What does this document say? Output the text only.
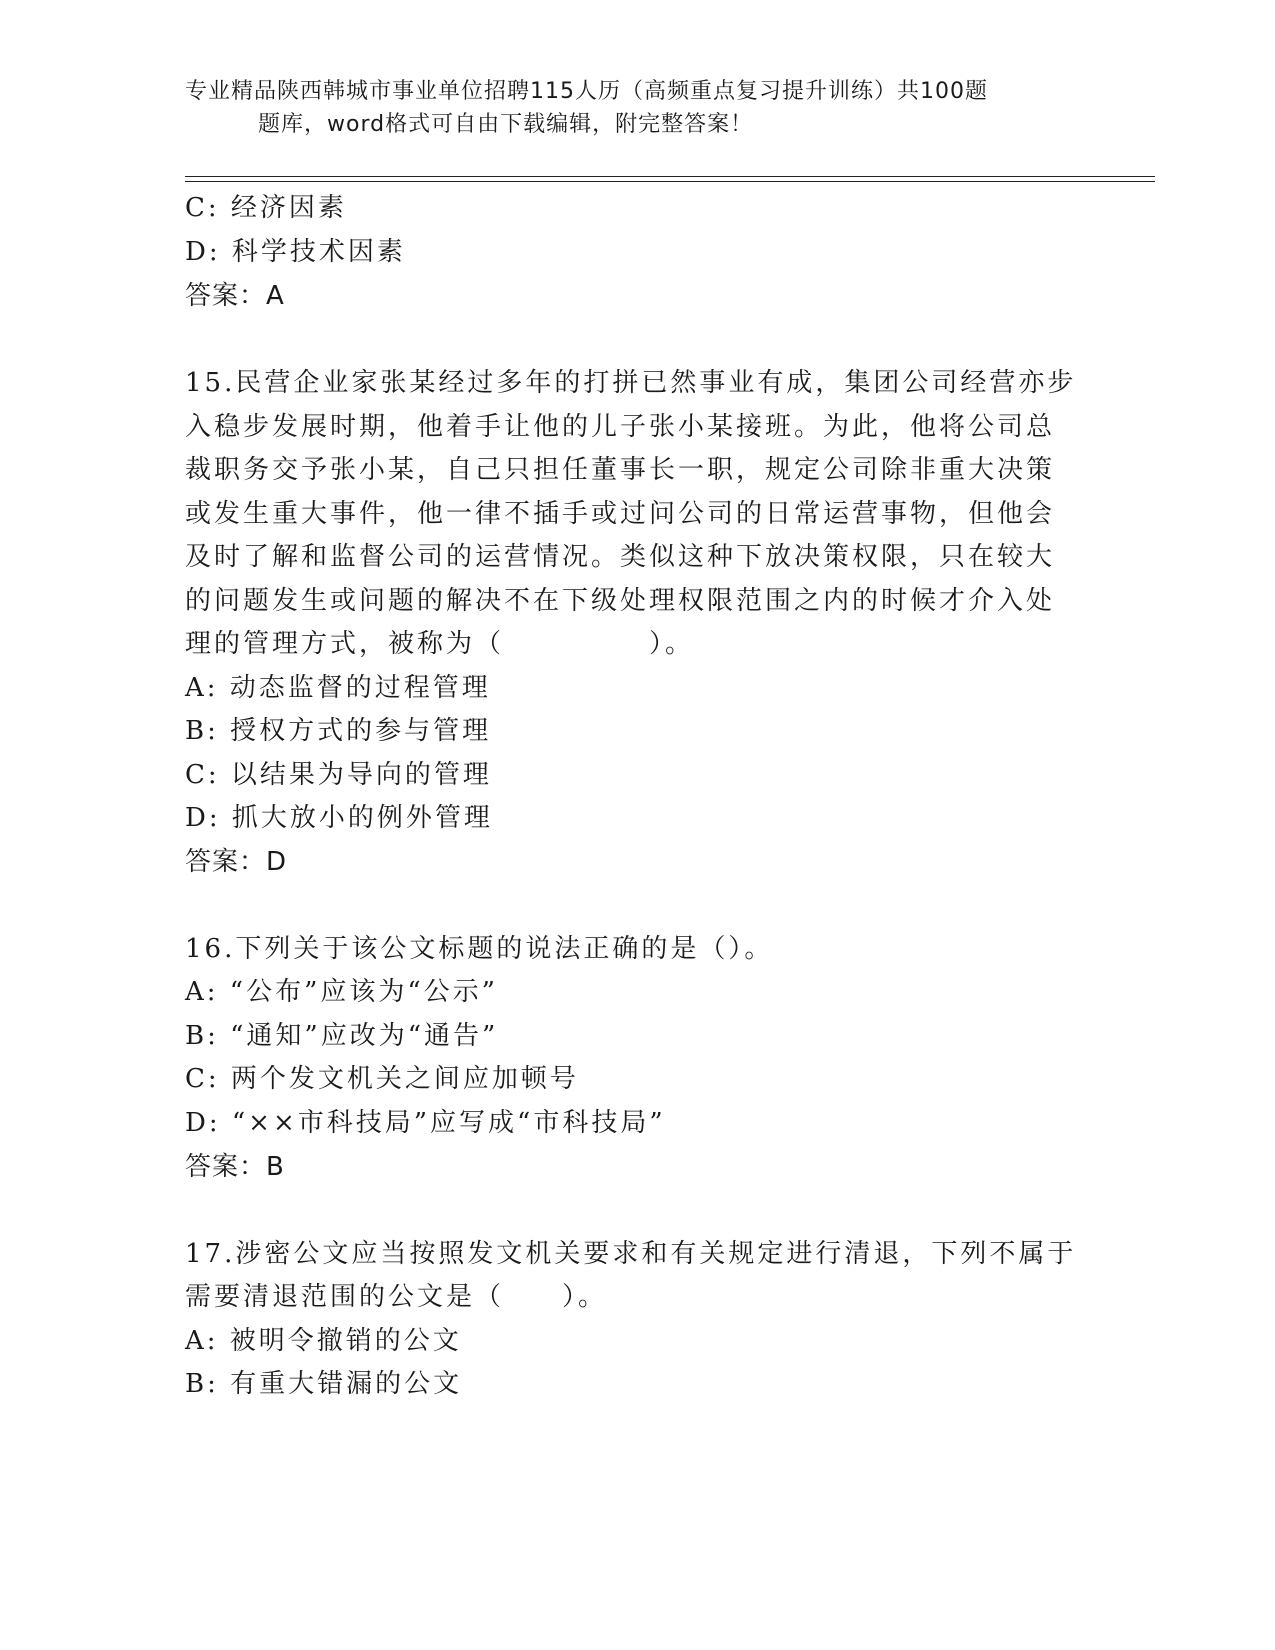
专业精品陕西韩城市事业单位招聘115人历（高频重点复习提升训练）共100题
题库，word格式可自由下载编辑，附完整答案！
C: 经济因素
D: 科学技术因素
答案：A
15.民营企业家张某经过多年的打拼已然事业有成，集团公司经营亦步
入稳步发展时期，他着手让他的儿子张小某接班。为此，他将公司总
裁职务交予张小某，自己只担任董事长一职，规定公司除非重大决策
或发生重大事件，他一律不插手或过问公司的日常运营事物，但他会
及时了解和监督公司的运营情况。类似这种下放决策权限，只在较大
的问题发生或问题的解决不在下级处理权限范围之内的时候才介入处
理的管理方式，被称为（　　　　　）。
A: 动态监督的过程管理
B: 授权方式的参与管理
C: 以结果为导向的管理
D: 抓大放小的例外管理
答案：D
16.下列关于该公文标题的说法正确的是（）。
A: “公布”应该为“公示”
B: “通知”应改为“通告”
C: 两个发文机关之间应加顿号
D: “××市科技局”应写成“市科技局”
答案：B
17.涉密公文应当按照发文机关要求和有关规定进行清退，下列不属于
需要清退范围的公文是（　　）。
A: 被明令撤销的公文
B: 有重大错漏的公文
